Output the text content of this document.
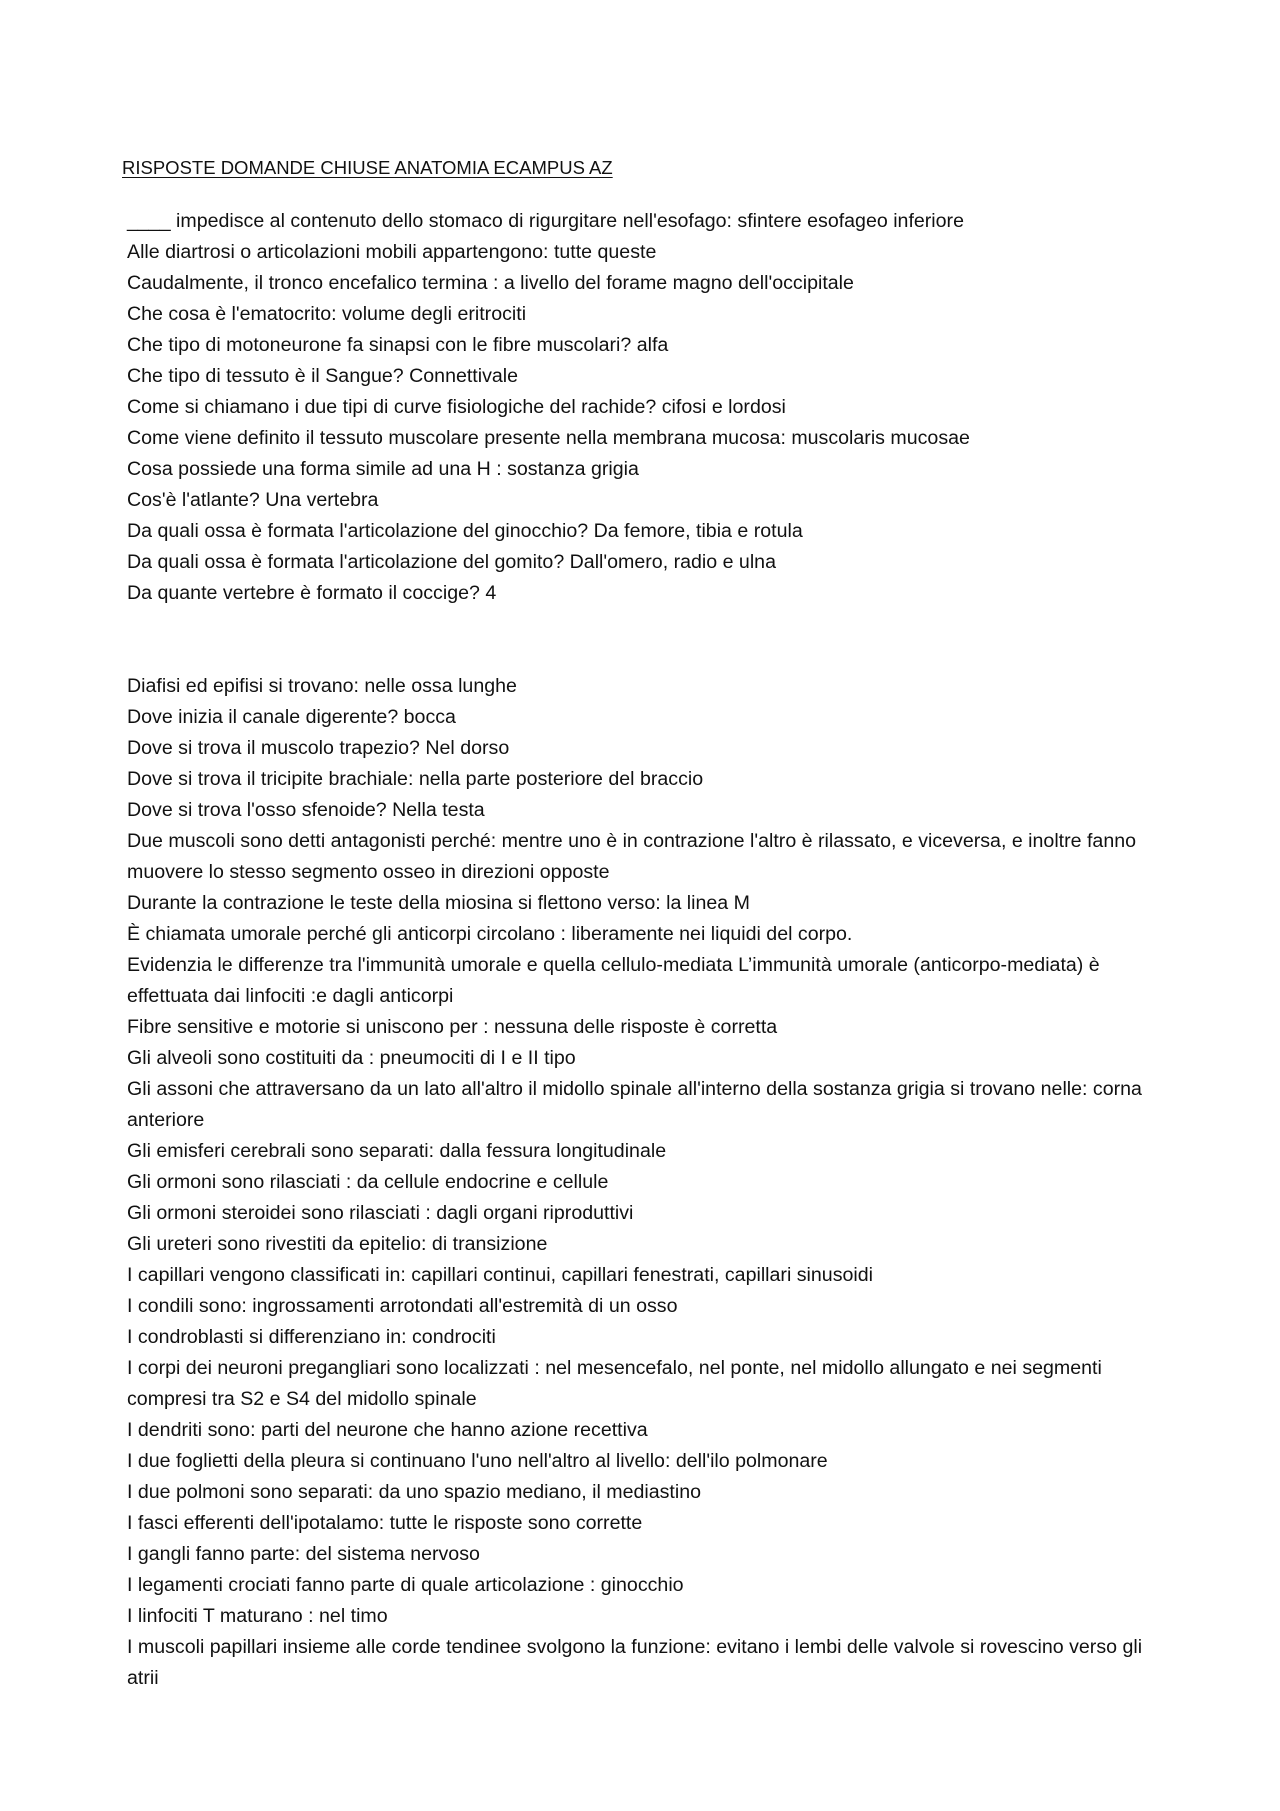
RISPOSTE DOMANDE CHIUSE ANATOMIA ECAMPUS AZ

____ impedisce al contenuto dello stomaco di rigurgitare nell'esofago: sfintere esofageo inferiore

Alle diartrosi o articolazioni mobili appartengono: tutte queste

Caudalmente, il tronco encefalico termina : a livello del forame magno dell'occipitale

Che cosa è l'ematocrito: volume degli eritrociti

Che tipo di motoneurone fa sinapsi con le fibre muscolari? alfa

Che tipo di tessuto è il Sangue? Connettivale

Come si chiamano i due tipi di curve fisiologiche del rachide? cifosi e lordosi

Come viene definito il tessuto muscolare presente nella membrana mucosa: muscolaris mucosae

Cosa possiede una forma simile ad una H : sostanza grigia

Cos'è l'atlante? Una vertebra

Da quali ossa è formata l'articolazione del ginocchio? Da femore, tibia e rotula

Da quali ossa è formata l'articolazione del gomito? Dall'omero, radio e ulna

Da quante vertebre è formato il coccige? 4

Diafisi ed epifisi si trovano: nelle ossa lunghe

Dove inizia il canale digerente? bocca

Dove si trova il muscolo trapezio? Nel dorso

Dove si trova il tricipite brachiale: nella parte posteriore del braccio

Dove si trova l'osso sfenoide? Nella testa

Due muscoli sono detti antagonisti perché: mentre uno è in contrazione l'altro è rilassato, e viceversa, e inoltre fanno muovere lo stesso segmento osseo in direzioni opposte

Durante la contrazione le teste della miosina si flettono verso: la linea M

È chiamata umorale perché gli anticorpi circolano : liberamente nei liquidi del corpo.

Evidenzia le differenze tra l'immunità umorale e quella cellulo-mediata L’immunità umorale (anticorpo-mediata) è effettuata dai linfociti :e dagli anticorpi

Fibre sensitive e motorie si uniscono per : nessuna delle risposte è corretta

Gli alveoli sono costituiti da : pneumociti di I e II tipo

Gli assoni che attraversano da un lato all'altro il midollo spinale all'interno della sostanza grigia si trovano nelle: corna anteriore

Gli emisferi cerebrali sono separati: dalla fessura longitudinale

Gli ormoni sono rilasciati : da cellule endocrine e cellule

Gli ormoni steroidei sono rilasciati : dagli organi riproduttivi

Gli ureteri sono rivestiti da epitelio: di transizione

I capillari vengono classificati in: capillari continui, capillari fenestrati, capillari sinusoidi

I condili sono: ingrossamenti arrotondati all'estremità di un osso

I condroblasti si differenziano in: condrociti

I corpi dei neuroni pregangliari sono localizzati : nel mesencefalo, nel ponte, nel midollo allungato e nei segmenti compresi tra S2 e S4 del midollo spinale

I dendriti sono: parti del neurone che hanno azione recettiva

I due foglietti della pleura si continuano l'uno nell'altro al livello: dell'ilo polmonare

I due polmoni sono separati: da uno spazio mediano, il mediastino

I fasci efferenti dell'ipotalamo: tutte le risposte sono corrette

I gangli fanno parte: del sistema nervoso

I legamenti crociati fanno parte di quale articolazione : ginocchio

I linfociti T maturano : nel timo

I muscoli papillari insieme alle corde tendinee svolgono la funzione: evitano i lembi delle valvole si rovescino verso gli atrii
